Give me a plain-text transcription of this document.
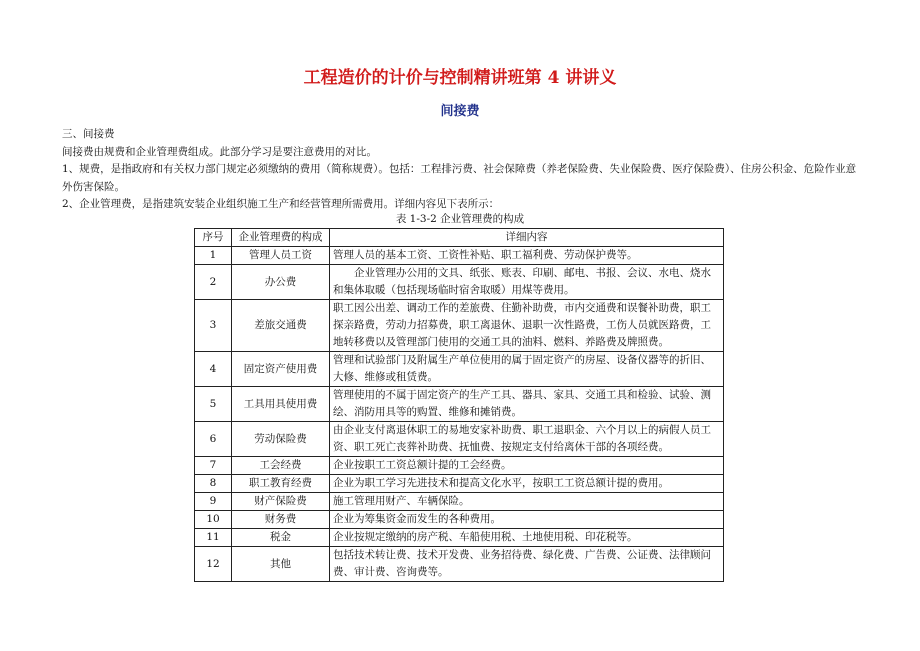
工程造价的计价与控制精讲班第 4 讲讲义
间接费

三、间接费

间接费由规费和企业管理费组成。此部分学习是要注意费用的对比。

1、规费，是指政府和有关权力部门规定必须缴纳的费用（简称规费）。包括：工程排污费、社会保障费（养老保险费、失业保险费、医疗保险费）、住房公积金、危险作业意外伤害保险。

2、企业管理费，是指建筑安装企业组织施工生产和经营管理所需费用。详细内容见下表所示：

表 1-3-2 企业管理费的构成
序号	企业管理费的构成	详细内容
1	管理人员工资	管理人员的基本工资、工资性补贴、职工福利费、劳动保护费等。
2	办公费	企业管理办公用的文具、纸张、账表、印刷、邮电、书报、会议、水电、烧水和集体取暖（包括现场临时宿舍取暖）用煤等费用。
3	差旅交通费	职工因公出差、调动工作的差旅费、住勤补助费，市内交通费和误餐补助费，职工探亲路费，劳动力招募费，职工离退休、退职一次性路费，工伤人员就医路费，工地转移费以及管理部门使用的交通工具的油料、燃料、养路费及牌照费。
4	固定资产使用费	管理和试验部门及附属生产单位使用的属于固定资产的房屋、设备仪器等的折旧、大修、维修或租赁费。
5	工具用具使用费	管理使用的不属于固定资产的生产工具、器具、家具、交通工具和检验、试验、测绘、消防用具等的购置、维修和摊销费。
6	劳动保险费	由企业支付离退休职工的易地安家补助费、职工退职金、六个月以上的病假人员工资、职工死亡丧葬补助费、抚恤费、按规定支付给离休干部的各项经费。
7	工会经费	企业按职工工资总额计提的工会经费。
8	职工教育经费	企业为职工学习先进技术和提高文化水平，按职工工资总额计提的费用。
9	财产保险费	施工管理用财产、车辆保险。
10	财务费	企业为筹集资金而发生的各种费用。
11	税金	企业按规定缴纳的房产税、车船使用税、土地使用税、印花税等。
12	其他	包括技术转让费、技术开发费、业务招待费、绿化费、广告费、公证费、法律顾问费、审计费、咨询费等。
